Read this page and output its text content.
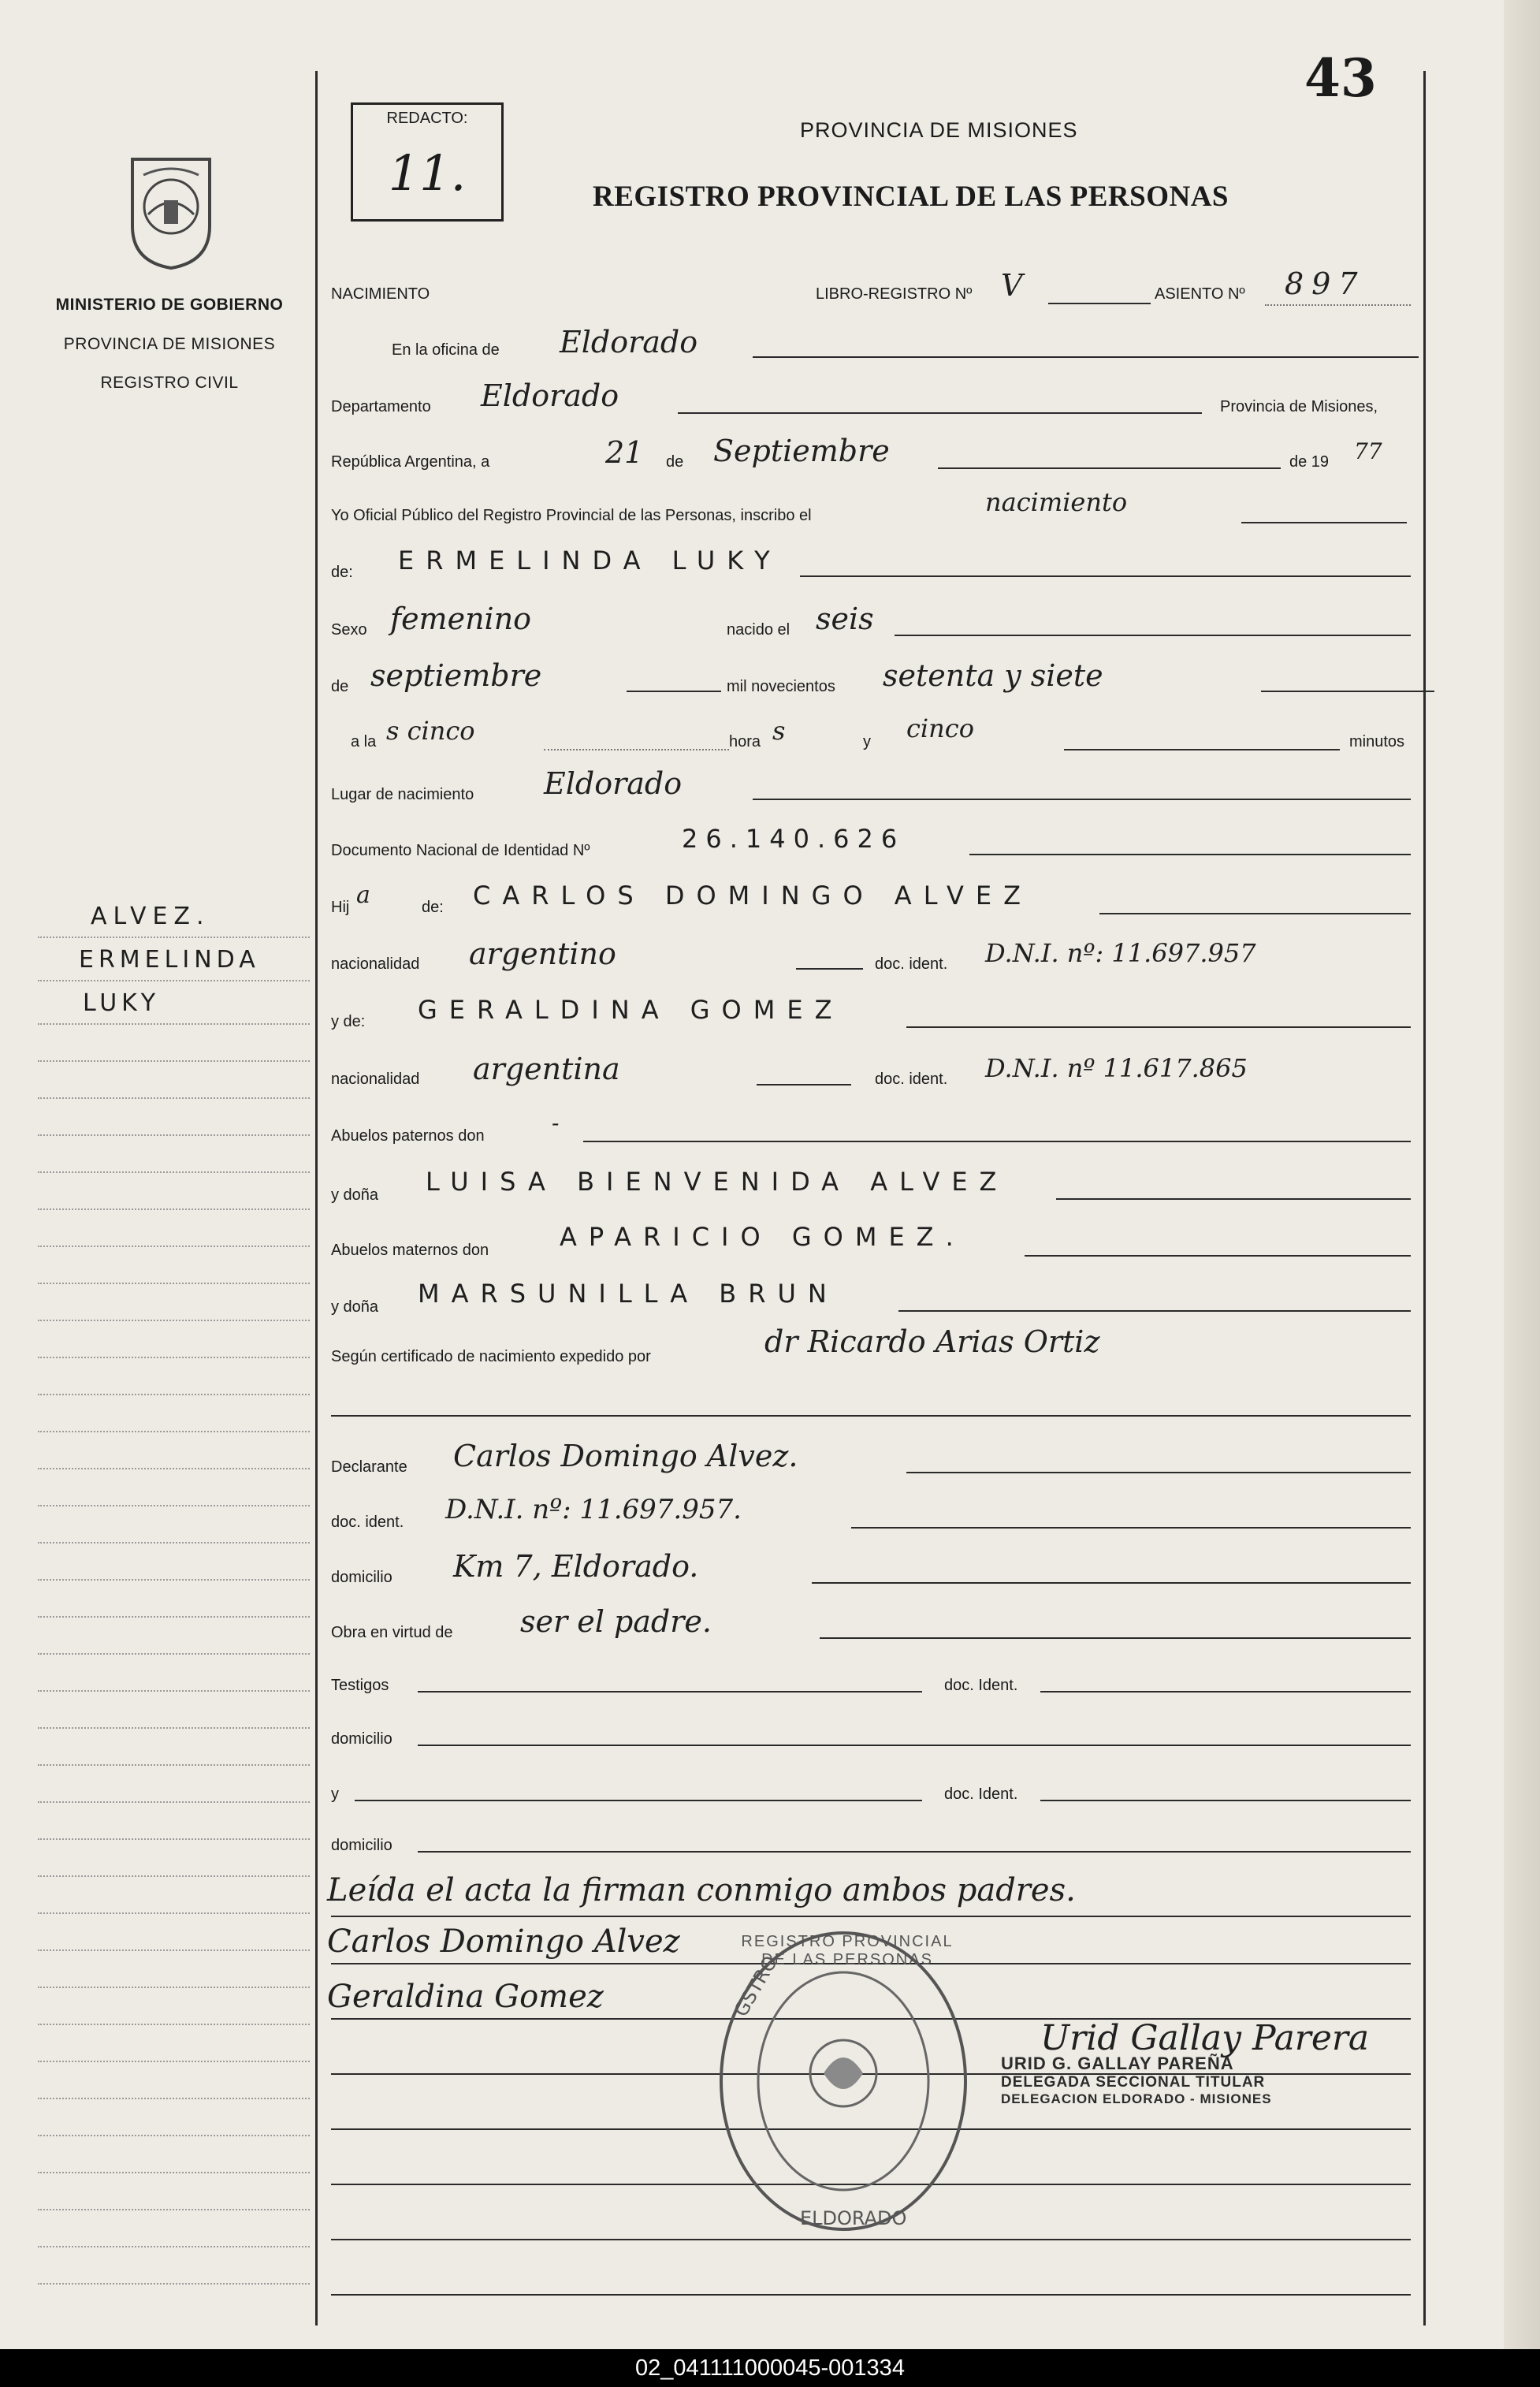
MINISTERIO DE GOBIERNO
PROVINCIA DE MISIONES
REGISTRO CIVIL
ALVEZ.
ERMELINDA
LUKY
REDACTO:
11.
43
PROVINCIA DE MISIONES
REGISTRO PROVINCIAL DE LAS PERSONAS
NACIMIENTO	LIBRO-REGISTRO Nº V	ASIENTO Nº 897
En la oficina de Eldorado
Departamento Eldorado	Provincia de Misiones,
República Argentina, a	21 de Septiembre	de 19 77
Yo Oficial Público del Registro Provincial de las Personas, inscribo el	nacimiento
de: ERMELINDA LUKY
Sexo femenino	nacido el seis
de septiembre	mil novecientos setenta y siete
a la s cinco	hora s	y cinco	minutos
Lugar de nacimiento Eldorado
Documento Nacional de Identidad Nº	26.140.626
Hij a	de: CARLOS DOMINGO ALVEZ
nacionalidad argentino	doc. ident. D.N.I. nº: 11.697.957
y de: GERALDINA GOMEZ
nacionalidad argentina	doc. ident. D.N.I. nº 11.617.865
Abuelos paternos don	-
y doña LUISA BIENVENIDA ALVEZ
Abuelos maternos don	APARICIO GOMEZ.
y doña MARSUNILLA BRUN
Según certificado de nacimiento expedido por	dr Ricardo Arias Ortiz
Declarante Carlos Domingo Alvez.
doc. ident. D.N.I. nº: 11.697.957.
domicilio Km 7, Eldorado.
Obra en virtud de ser el padre.
Testigos	doc. Ident.
domicilio
y	doc. Ident.
domicilio
Leída el acta la firman conmigo ambos padres.
Carlos Domingo Alvez
Geraldina Gomez	GSTRO
ELDORADO
REGISTRO PROVINCIAL DE LAS PERSONAS
Urid Gallay Parera
URID G. GALLAY PAREÑA
DELEGADA SECCIONAL TITULAR
DELEGACION ELDORADO - MISIONES
02_041111000045-001334
